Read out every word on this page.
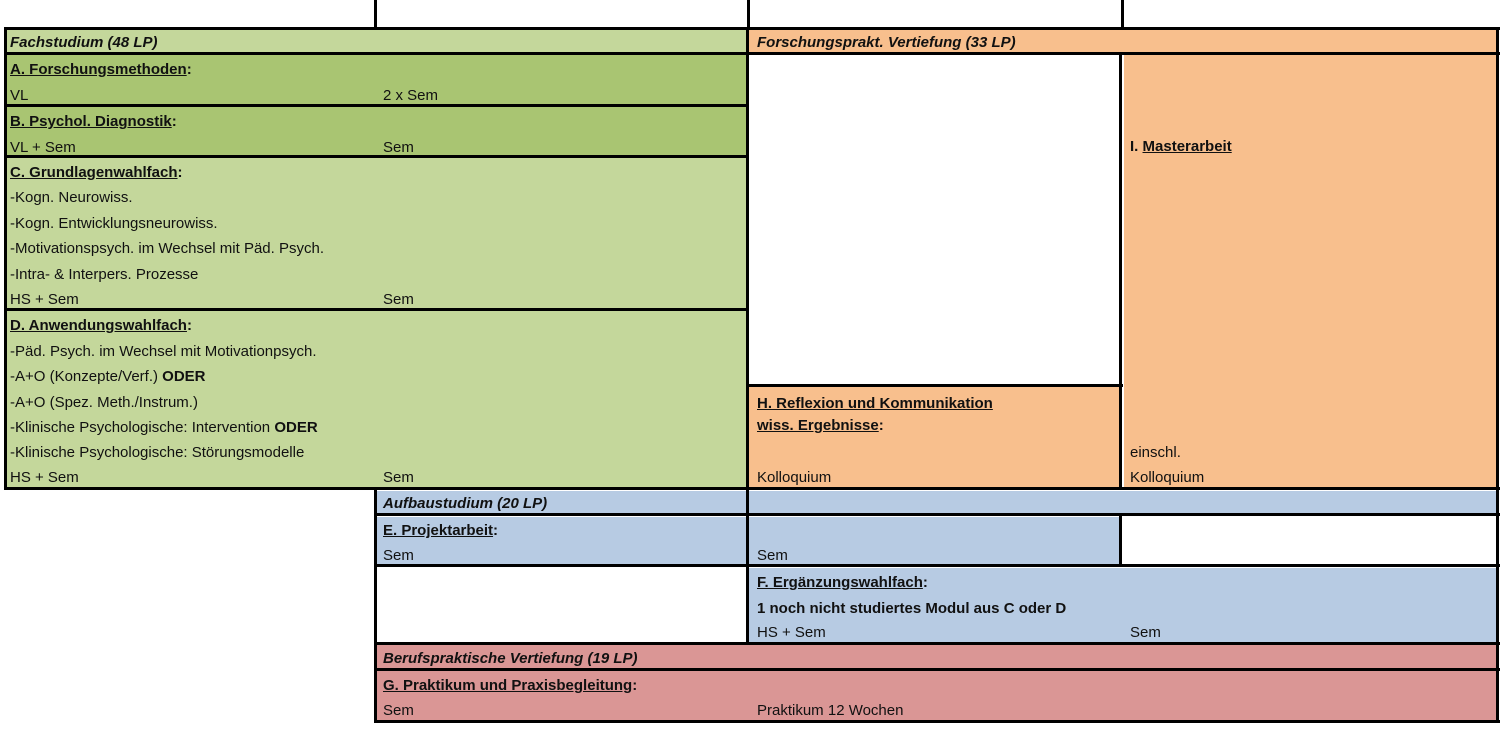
Fachstudium (48 LP)
A. Forschungsmethoden:
VL	2 x Sem
B. Psychol. Diagnostik:
VL + Sem	Sem
C. Grundlagenwahlfach:
-Kogn. Neurowiss.
-Kogn. Entwicklungsneurowiss.
-Motivationspsych. im Wechsel mit Päd. Psych.
-Intra- & Interpers. Prozesse
HS + Sem	Sem
D. Anwendungswahlfach:
-Päd. Psych. im Wechsel mit Motivationpsych.
-A+O (Konzepte/Verf.) ODER
-A+O (Spez. Meth./Instrum.)
-Klinische Psychologische: Intervention ODER
-Klinische Psychologische: Störungsmodelle
HS + Sem	Sem
Forschungsprakt. Vertiefung (33 LP)
H. Reflexion und Kommunikation
wiss. Ergebnisse:
Kolloquium
I. Masterarbeit
einschl.
Kolloquium
Aufbaustudium (20 LP)
E. Projektarbeit:
Sem	Sem
F. Ergänzungswahlfach:
1 noch nicht studiertes Modul aus C oder D
HS + Sem	Sem
Berufspraktische Vertiefung (19 LP)
G. Praktikum und Praxisbegleitung:
Sem	Praktikum 12 Wochen
